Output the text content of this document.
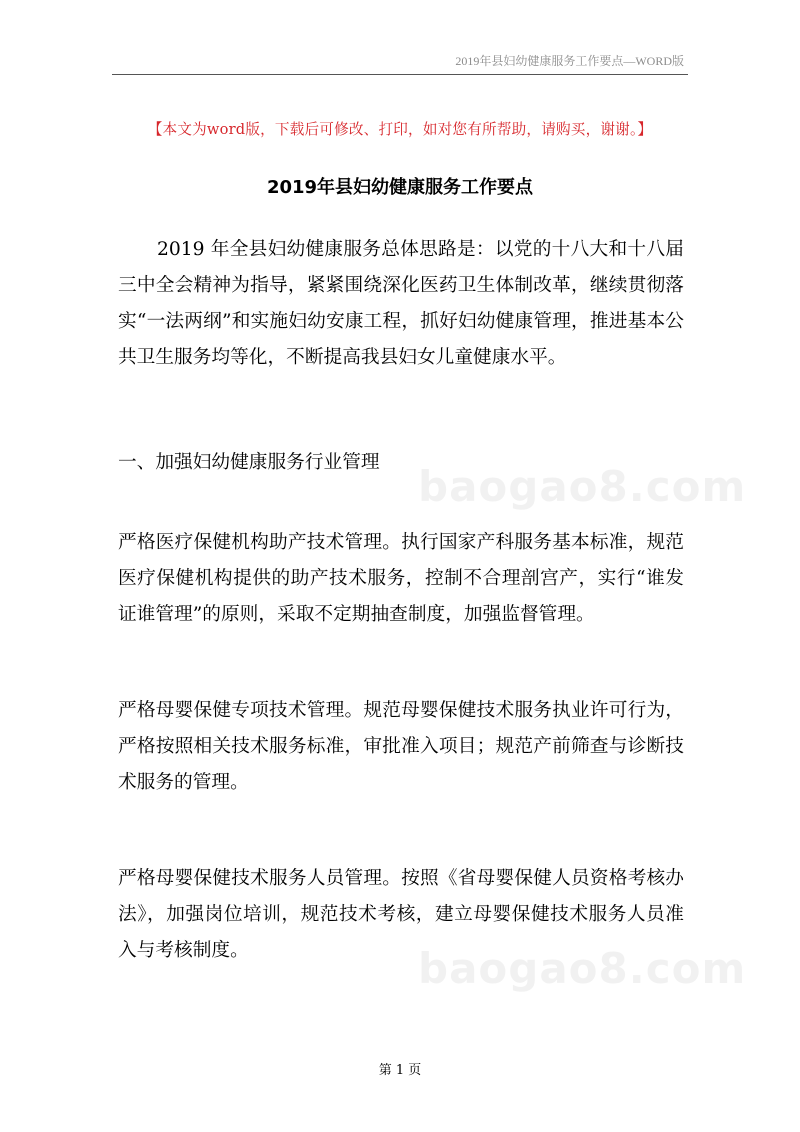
2019年县妇幼健康服务工作要点—WORD版
【本文为word版，下载后可修改、打印，如对您有所帮助，请购买，谢谢。】
2019年县妇幼健康服务工作要点

2019 年全县妇幼健康服务总体思路是：以党的十八大和十八届三中全会精神为指导，紧紧围绕深化医药卫生体制改革，继续贯彻落实“一法两纲”和实施妇幼安康工程，抓好妇幼健康管理，推进基本公共卫生服务均等化，不断提高我县妇女儿童健康水平。

一、加强妇幼健康服务行业管理

严格医疗保健机构助产技术管理。执行国家产科服务基本标准，规范医疗保健机构提供的助产技术服务，控制不合理剖宫产，实行“谁发证谁管理”的原则，采取不定期抽查制度，加强监督管理。

严格母婴保健专项技术管理。规范母婴保健技术服务执业许可行为，严格按照相关技术服务标准，审批准入项目；规范产前筛查与诊断技术服务的管理。

严格母婴保健技术服务人员管理。按照《省母婴保健人员资格考核办法》，加强岗位培训，规范技术考核，建立母婴保健技术服务人员准入与考核制度。

baogao8.com
baogao8.com
第 1 页
